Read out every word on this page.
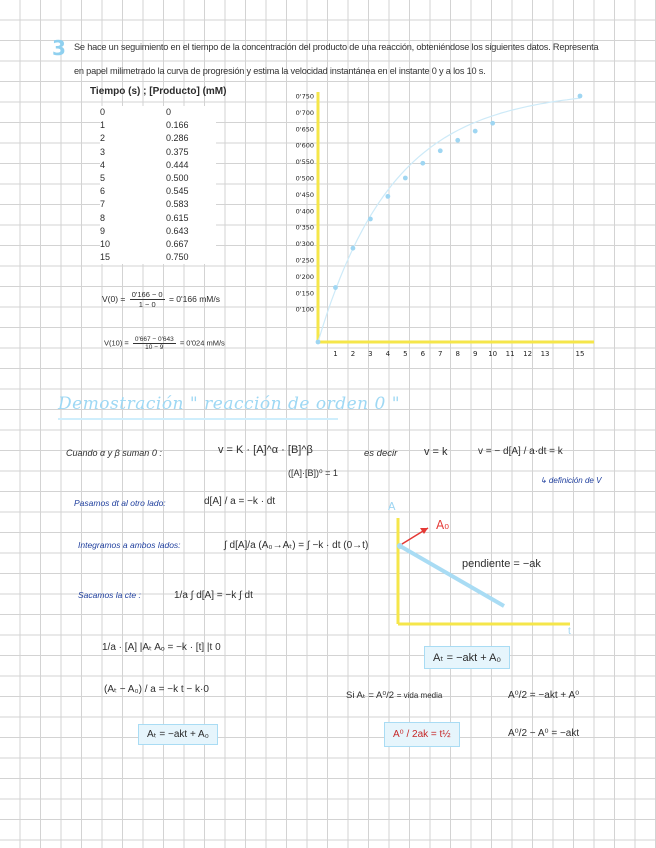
3 Se hace un seguimiento en el tiempo de la concentración del producto de una reacción, obteniéndose los siguientes datos. Representa
en papel milimetrado la curva de progresión y estima la velocidad instantánea en el instante 0 y a los 10 s.
Tiempo (s) ; [Producto] (mM)
0	0
1	0.166
2	0.286
3	0.375
4	0.444
5	0.500
6	0.545
7	0.583
8	0.615
9	0.643
10	0.667
15	0.750
$V(0) = \frac{0'166 - 0}{1 - 0} = 0'166$ mM/s
$V(10) = \frac{0'667 - 0'643}{10 - 9} = 0'024$ mM/s
0'100
0'150
0'200
0'250
0'300
0'350
0'400
0'450
0'500
0'550
0'600
0'650
0'700
0'750
1 2 3 4 5 6 7 8 9 10 11 12 13	15
Demostración " reacción de orden 0 "
Cuando α y β suman 0 :	v = K · [A]^α · [B]^β
([A]·[B])⁰ = 1
es decir v = k	v = − d[A] / a·dt = k
↳ definición de V
Pasamos dt al otro lado:	d[A] / a = −k · dt
Integramos a ambos lados:	∫ d[A]/a (A₀→Aₜ) = ∫ −k · dt (0→t)
Sacamos la cte :	1/a ∫ d[A] = −k ∫ dt
1/a · [A] |Aₜ Aₒ = −k · [t] |t 0
(Aₜ − A₀) / a = −k t − k·0
Aₜ = −akt + A₀
A
A₀
pendiente = −ak
t
Aₜ = −akt + A₀
Si Aₜ = A⁰/2 = vida media	A⁰/2 = −akt + A⁰
A⁰/2 − A⁰ = −akt
A⁰ / 2ak = t½
